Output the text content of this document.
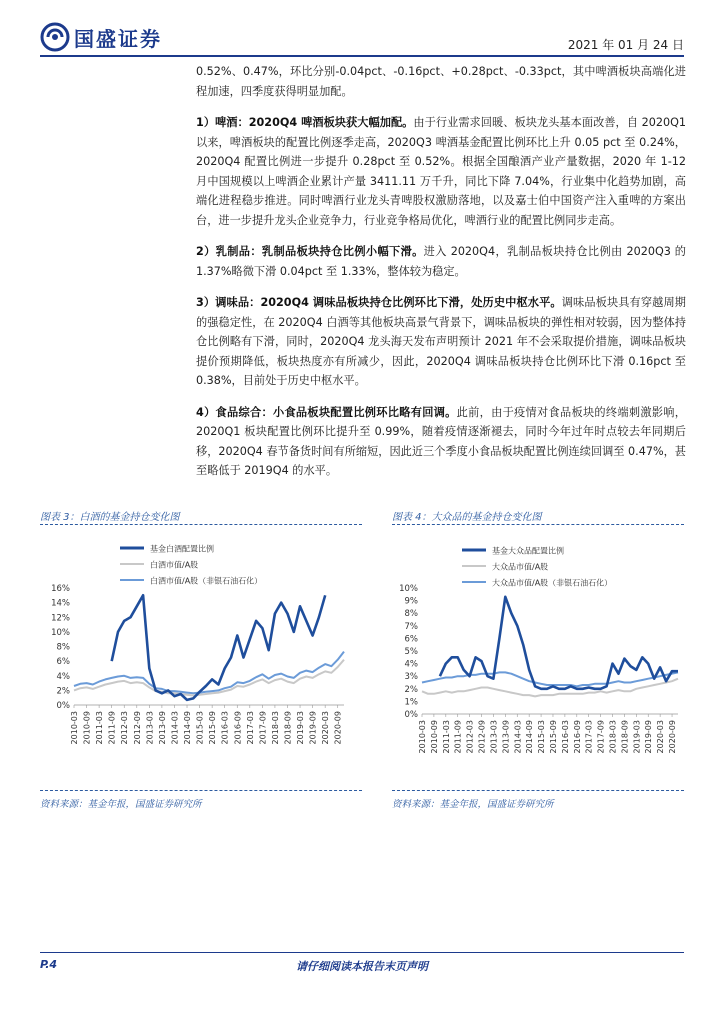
国盛证券	2021 年 01 月 24 日

0.52%、0.47%，环比分别-0.04pct、-0.16pct、+0.28pct、-0.33pct，其中啤酒板块高端化进程加速，四季度获得明显加配。

1）啤酒：2020Q4 啤酒板块获大幅加配。由于行业需求回暖、板块龙头基本面改善，自 2020Q1 以来，啤酒板块的配置比例逐季走高，2020Q3 啤酒基金配置比例环比上升 0.05 pct 至 0.24%，2020Q4 配置比例进一步提升 0.28pct 至 0.52%。根据全国酿酒产业产量数据，2020 年 1-12 月中国规模以上啤酒企业累计产量 3411.11 万千升，同比下降 7.04%，行业集中化趋势加剧，高端化进程稳步推进。同时啤酒行业龙头青啤股权激励落地，以及嘉士伯中国资产注入重啤的方案出台，进一步提升龙头企业竞争力，行业竞争格局优化，啤酒行业的配置比例同步走高。

2）乳制品：乳制品板块持仓比例小幅下滑。进入 2020Q4，乳制品板块持仓比例由 2020Q3 的 1.37%略微下滑 0.04pct 至 1.33%，整体较为稳定。

3）调味品：2020Q4 调味品板块持仓比例环比下滑，处历史中枢水平。调味品板块具有穿越周期的强稳定性，在 2020Q4 白酒等其他板块高景气背景下，调味品板块的弹性相对较弱，因为整体持仓比例略有下滑，同时，2020Q4 龙头海天发布声明预计 2021 年不会采取提价措施，调味品板块提价预期降低，板块热度亦有所减少，因此，2020Q4 调味品板块持仓比例环比下滑 0.16pct 至 0.38%，目前处于历史中枢水平。

4）食品综合：小食品板块配置比例环比略有回调。此前，由于疫情对食品板块的终端刺激影响，2020Q1 板块配置比例环比提升至 0.99%，随着疫情逐渐褪去，同时今年过年时点较去年同期后移，2020Q4 春节备货时间有所缩短，因此近三个季度小食品板块配置比例连续回调至 0.47%，甚至略低于 2019Q4 的水平。

图表 3：白酒的基金持仓变化图	图表 4：大众品的基金持仓变化图
基金白酒配置比例
白酒市值/A股
白酒市值/A股（非银石油石化）
0%
2%
4%
6%
8%
10%
12%
14%
16%
2010-03 2010-09 2011-03 2011-09 2012-03 2012-09 2013-03 2013-09 2014-03 2014-09 2015-03 2015-09 2016-03 2016-09 2017-03 2017-09 2018-03 2018-09 2019-03 2019-09 2020-03 2020-09
基金大众品配置比例
大众品市值/A股
大众品市值/A股（非银石油石化）
0%
1%
2%
3%
4%
5%
6%
7%
8%
9%
10%
2010-03 2010-09 2011-03 2011-09 2012-03 2012-09 2013-03 2013-09 2014-03 2014-09 2015-03 2015-09 2016-03 2016-09 2017-03 2017-09 2018-03 2018-09 2019-03 2019-09 2020-03 2020-09
资料来源：基金年报，国盛证券研究所	资料来源：基金年报，国盛证券研究所
P.4	请仔细阅读本报告末页声明
